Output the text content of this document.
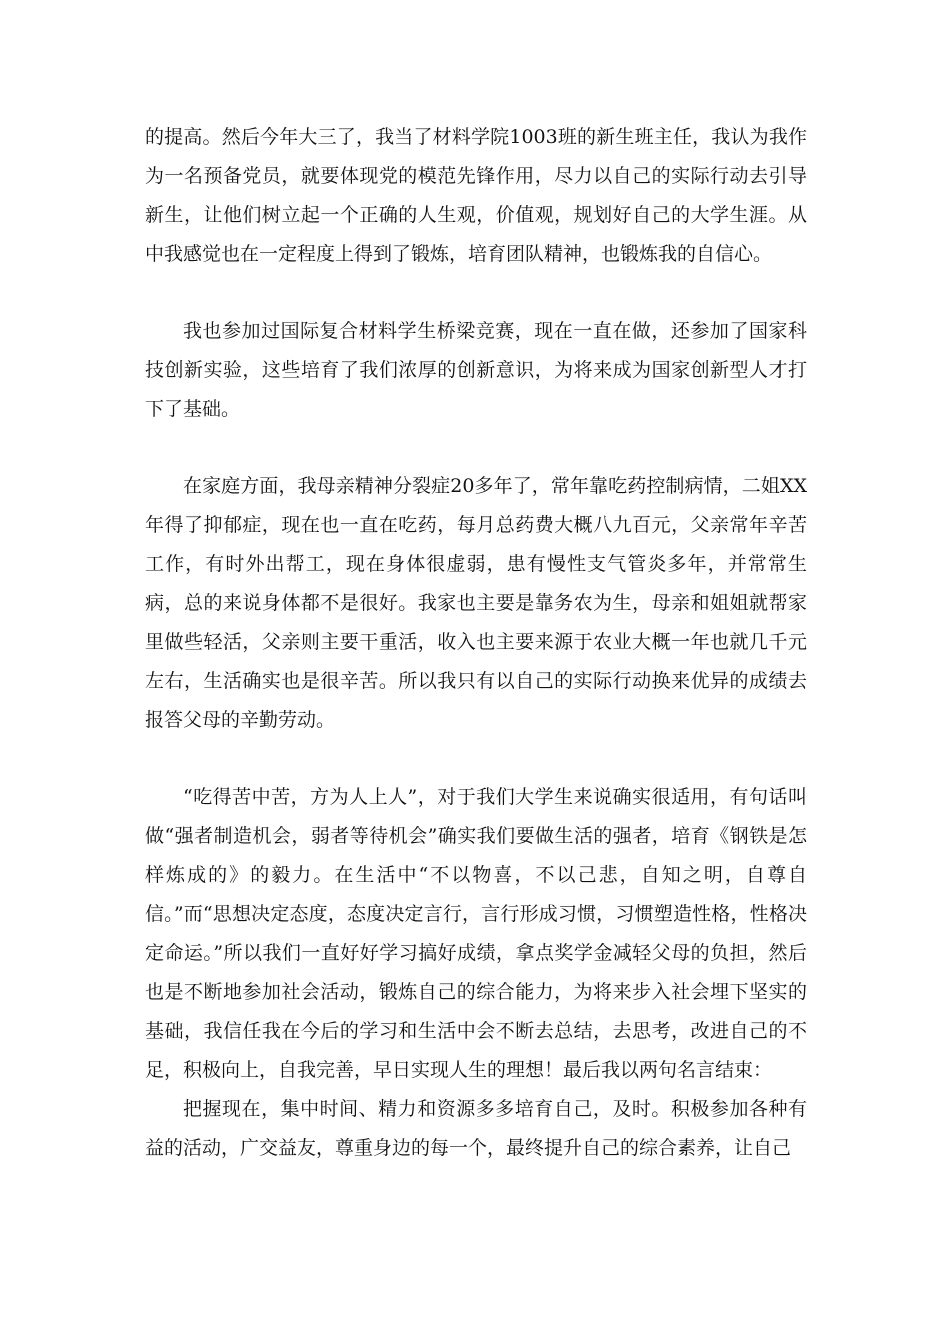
的提高。然后今年大三了，我当了材料学院1003班的新生班主任，我认为我作为一名预备党员，就要体现党的模范先锋作用，尽力以自己的实际行动去引导新生，让他们树立起一个正确的人生观，价值观，规划好自己的大学生涯。从中我感觉也在一定程度上得到了锻炼，培育团队精神，也锻炼我的自信心。

我也参加过国际复合材料学生桥梁竞赛，现在一直在做，还参加了国家科技创新实验，这些培育了我们浓厚的创新意识，为将来成为国家创新型人才打下了基础。

在家庭方面，我母亲精神分裂症20多年了，常年靠吃药控制病情，二姐XX年得了抑郁症，现在也一直在吃药，每月总药费大概八九百元，父亲常年辛苦工作，有时外出帮工，现在身体很虚弱，患有慢性支气管炎多年，并常常生病，总的来说身体都不是很好。我家也主要是靠务农为生，母亲和姐姐就帮家里做些轻活，父亲则主要干重活，收入也主要来源于农业大概一年也就几千元左右，生活确实也是很辛苦。所以我只有以自己的实际行动换来优异的成绩去报答父母的辛勤劳动。

“吃得苦中苦，方为人上人”，对于我们大学生来说确实很适用，有句话叫做“强者制造机会，弱者等待机会”确实我们要做生活的强者，培育《钢铁是怎样炼成的》的毅力。在生活中“不以物喜，不以己悲，自知之明，自尊自信。”而“思想决定态度，态度决定言行，言行形成习惯，习惯塑造性格，性格决定命运。”所以我们一直好好学习搞好成绩，拿点奖学金减轻父母的负担，然后也是不断地参加社会活动，锻炼自己的综合能力，为将来步入社会埋下坚实的基础，我信任我在今后的学习和生活中会不断去总结，去思考，改进自己的不足，积极向上，自我完善，早日实现人生的理想！最后我以两句名言结束：

把握现在，集中时间、精力和资源多多培育自己，及时。积极参加各种有益的活动，广交益友，尊重身边的每一个，最终提升自己的综合素养，让自己
